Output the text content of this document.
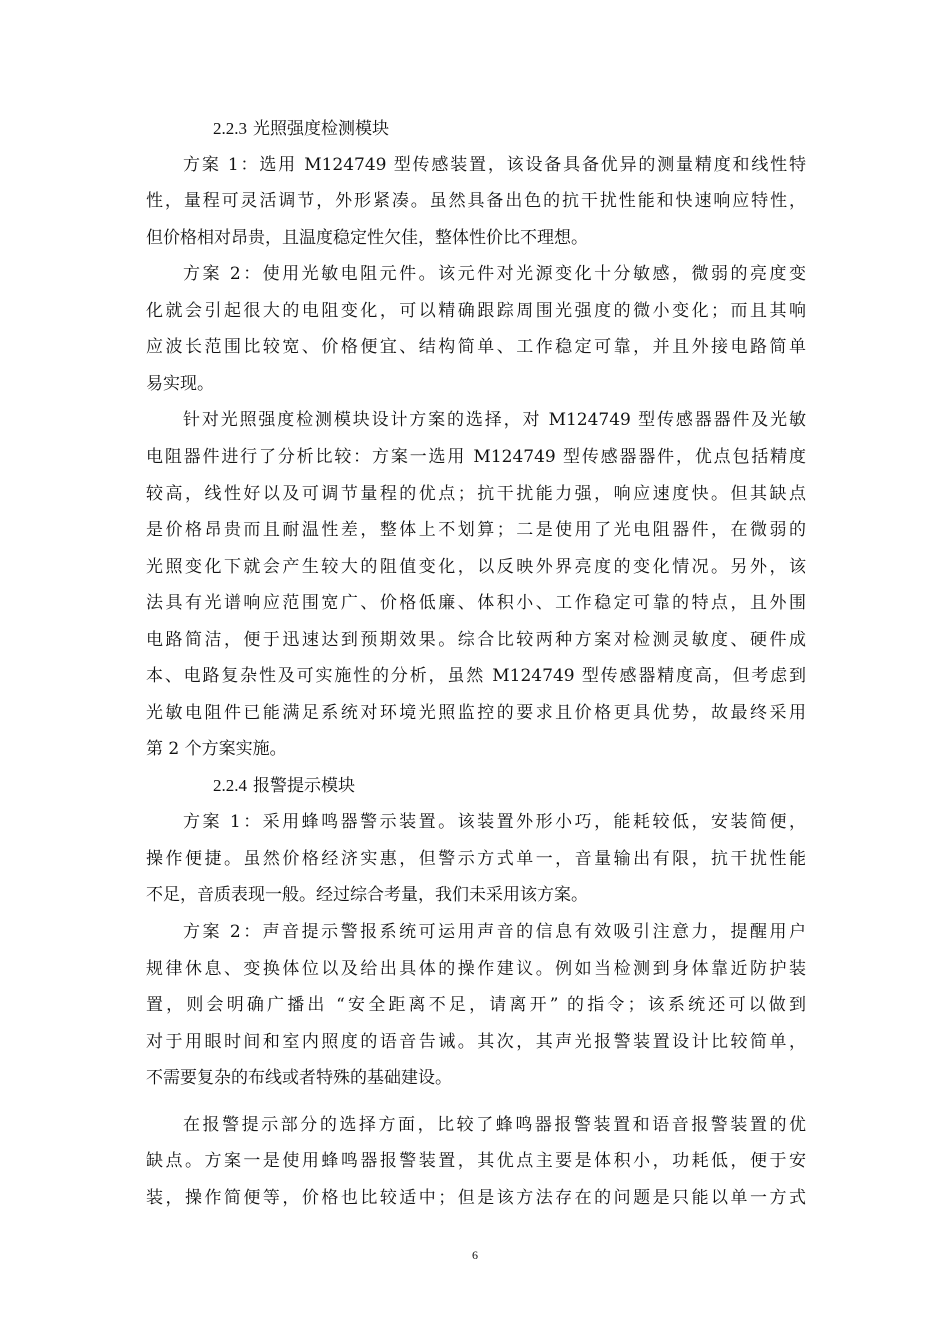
2.2.3 光照强度检测模块
方案 1：选用 M124749 型传感装置，该设备具备优异的测量精度和线性特
性，量程可灵活调节，外形紧凑。虽然具备出色的抗干扰性能和快速响应特性，
但价格相对昂贵，且温度稳定性欠佳，整体性价比不理想。
方案 2：使用光敏电阻元件。该元件对光源变化十分敏感，微弱的亮度变
化就会引起很大的电阻变化，可以精确跟踪周围光强度的微小变化；而且其响
应波长范围比较宽、价格便宜、结构简单、工作稳定可靠，并且外接电路简单
易实现。
针对光照强度检测模块设计方案的选择，对 M124749 型传感器器件及光敏
电阻器件进行了分析比较：方案一选用 M124749 型传感器器件，优点包括精度
较高，线性好以及可调节量程的优点；抗干扰能力强，响应速度快。但其缺点
是价格昂贵而且耐温性差，整体上不划算；二是使用了光电阻器件，在微弱的
光照变化下就会产生较大的阻值变化，以反映外界亮度的变化情况。另外，该
法具有光谱响应范围宽广、价格低廉、体积小、工作稳定可靠的特点，且外围
电路简洁，便于迅速达到预期效果。综合比较两种方案对检测灵敏度、硬件成
本、电路复杂性及可实施性的分析，虽然 M124749 型传感器精度高，但考虑到
光敏电阻件已能满足系统对环境光照监控的要求且价格更具优势，故最终采用
第 2 个方案实施。
2.2.4 报警提示模块
方案 1：采用蜂鸣器警示装置。该装置外形小巧，能耗较低，安装简便，
操作便捷。虽然价格经济实惠，但警示方式单一，音量输出有限，抗干扰性能
不足，音质表现一般。经过综合考量，我们未采用该方案。
方案 2：声音提示警报系统可运用声音的信息有效吸引注意力，提醒用户
规律休息、变换体位以及给出具体的操作建议。例如当检测到身体靠近防护装
置，则会明确广播出 “安全距离不足，请离开” 的指令；该系统还可以做到
对于用眼时间和室内照度的语音告诫。其次，其声光报警装置设计比较简单，
不需要复杂的布线或者特殊的基础建设。
在报警提示部分的选择方面，比较了蜂鸣器报警装置和语音报警装置的优
缺点。方案一是使用蜂鸣器报警装置，其优点主要是体积小，功耗低，便于安
装，操作简便等，价格也比较适中；但是该方法存在的问题是只能以单一方式
6
